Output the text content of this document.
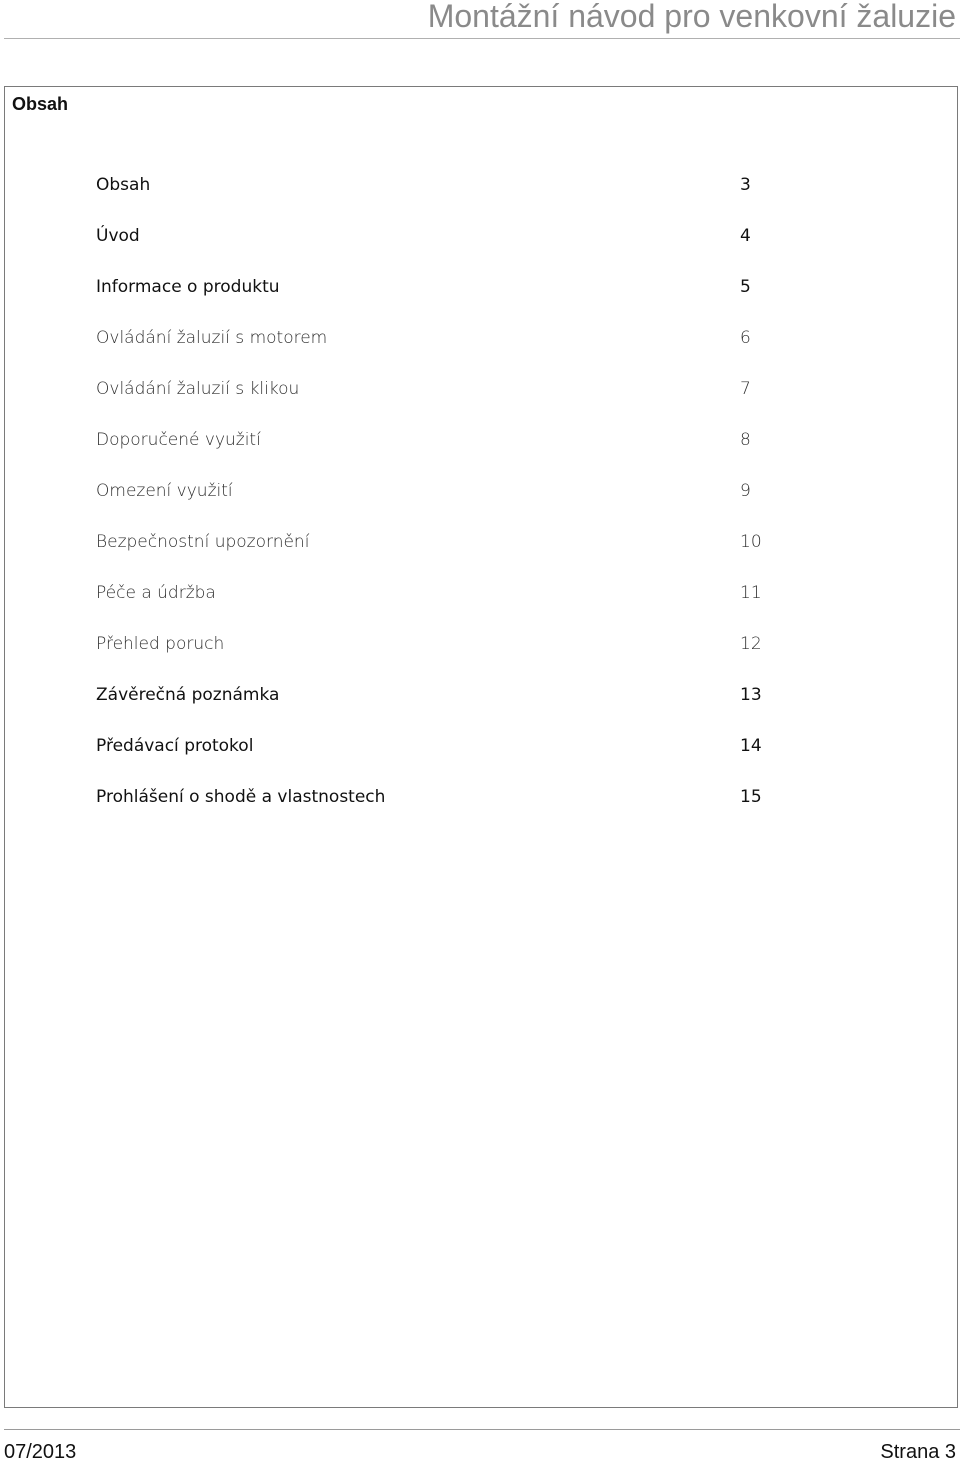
Montážní návod pro venkovní žaluzie
Obsah
Obsah	3
Úvod	4
Informace o produktu	5
Ovládání žaluzií s motorem	6
Ovládání žaluzií s klikou	7
Doporučené využití	8
Omezení využití	9
Bezpečnostní upozornění	10
Péče a údržba	11
Přehled poruch	12
Závěrečná poznámka	13
Předávací protokol	14
Prohlášení o shodě a vlastnostech	15
07/2013	Strana 3
